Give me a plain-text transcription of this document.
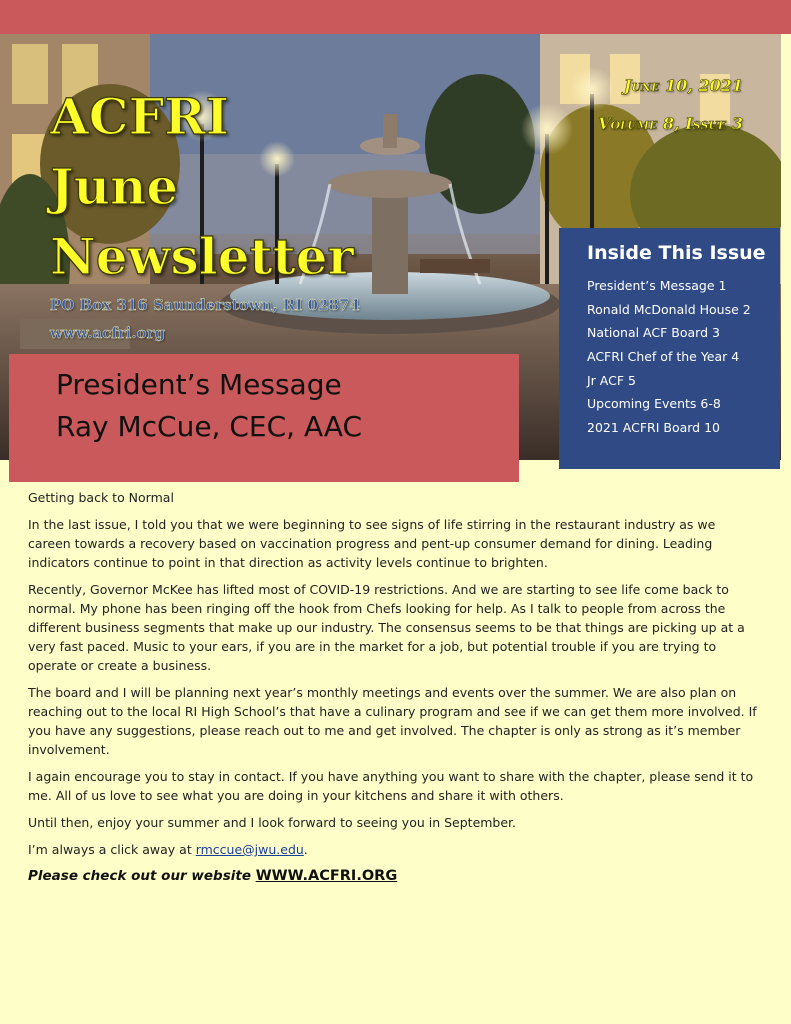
ACFRI
June
Newsletter
PO Box 316 Saunderstown, RI 02874
www.acfri.org
June 10, 2021
Volume 8, Issue 3
Inside This Issue
President’s Message 1
Ronald McDonald House 2
National ACF Board 3
ACFRI Chef of the Year 4
Jr ACF 5
Upcoming Events 6-8
2021 ACFRI Board 10
President’s Message
Ray McCue, CEC, AAC
Getting back to Normal

In the last issue, I told you that we were beginning to see signs of life stirring in the restaurant industry as we careen towards a recovery based on vaccination progress and pent-up consumer demand for dining. Leading indicators continue to point in that direction as activity levels continue to brighten.

Recently, Governor McKee has lifted most of COVID-19 restrictions. And we are starting to see life come back to normal. My phone has been ringing off the hook from Chefs looking for help. As I talk to people from across the different business segments that make up our industry. The consensus seems to be that things are picking up at a very fast paced. Music to your ears, if you are in the market for a job, but potential trouble if you are trying to operate or create a business.

The board and I will be planning next year’s monthly meetings and events over the summer. We are also plan on reaching out to the local RI High School’s that have a culinary program and see if we can get them more involved. If you have any suggestions, please reach out to me and get involved. The chapter is only as strong as it’s member involvement.

I again encourage you to stay in contact. If you have anything you want to share with the chapter, please send it to me. All of us love to see what you are doing in your kitchens and share it with others.

Until then, enjoy your summer and I look forward to seeing you in September.

I’m always a click away at rmccue@jwu.edu.

Please check out our website WWW.ACFRI.ORG
